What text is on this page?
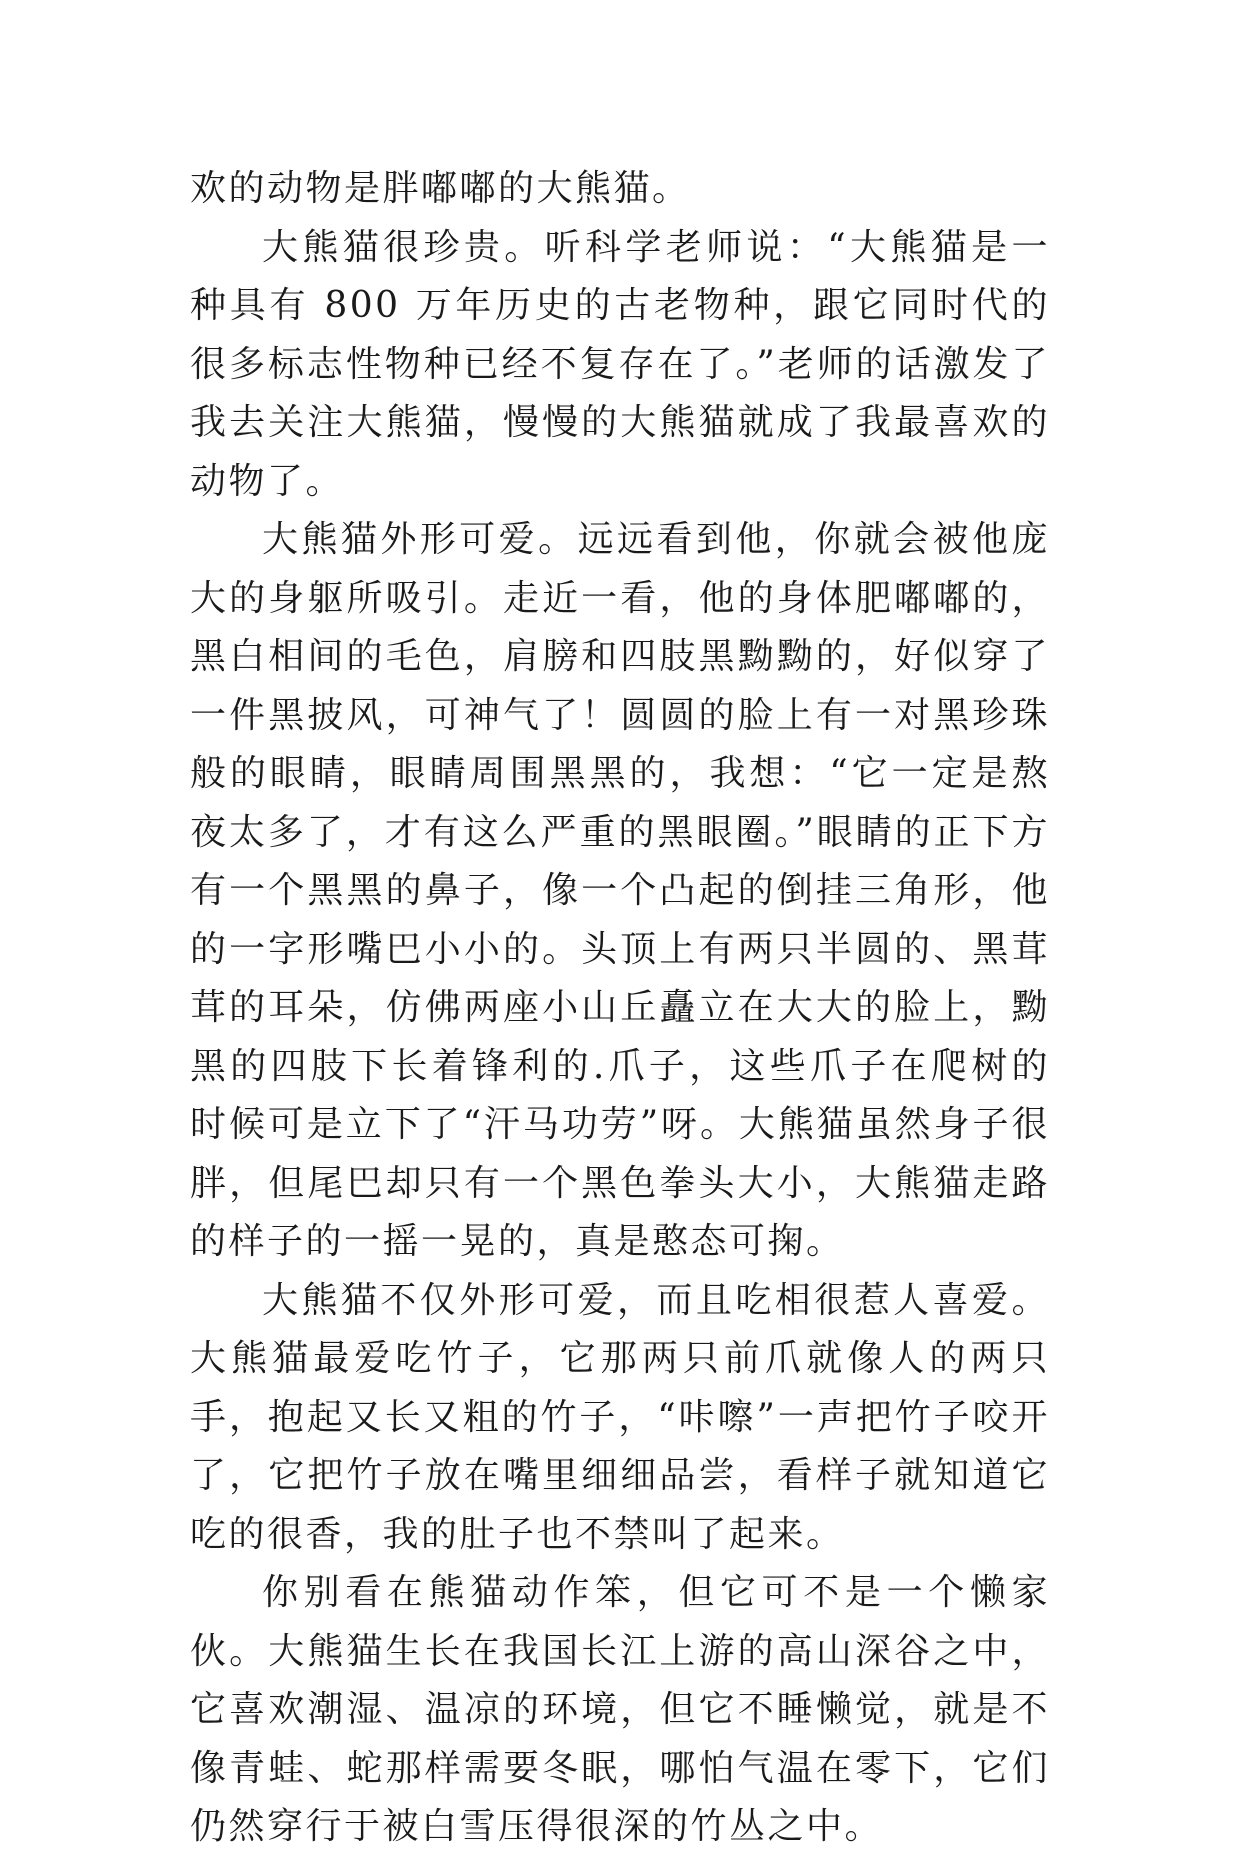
欢的动物是胖嘟嘟的大熊猫。

大熊猫很珍贵。听科学老师说：“大熊猫是一种具有 800 万年历史的古老物种，跟它同时代的很多标志性物种已经不复存在了。”老师的话激发了我去关注大熊猫，慢慢的大熊猫就成了我最喜欢的动物了。

大熊猫外形可爱。远远看到他，你就会被他庞大的身躯所吸引。走近一看，他的身体肥嘟嘟的，黑白相间的毛色，肩膀和四肢黑黝黝的，好似穿了一件黑披风，可神气了！圆圆的脸上有一对黑珍珠般的眼睛，眼睛周围黑黑的，我想：“它一定是熬夜太多了，才有这么严重的黑眼圈。”眼睛的正下方有一个黑黑的鼻子，像一个凸起的倒挂三角形，他的一字形嘴巴小小的。头顶上有两只半圆的、黑茸茸的耳朵，仿佛两座小山丘矗立在大大的脸上，黝黑的四肢下长着锋利的.爪子，这些爪子在爬树的时候可是立下了“汗马功劳”呀。大熊猫虽然身子很胖，但尾巴却只有一个黑色拳头大小，大熊猫走路的样子的一摇一晃的，真是憨态可掬。

大熊猫不仅外形可爱，而且吃相很惹人喜爱。大熊猫最爱吃竹子，它那两只前爪就像人的两只手，抱起又长又粗的竹子，“咔嚓”一声把竹子咬开了，它把竹子放在嘴里细细品尝，看样子就知道它吃的很香，我的肚子也不禁叫了起来。

你别看在熊猫动作笨，但它可不是一个懒家伙。大熊猫生长在我国长江上游的高山深谷之中，它喜欢潮湿、温凉的环境，但它不睡懒觉，就是不像青蛙、蛇那样需要冬眠，哪怕气温在零下，它们仍然穿行于被白雪压得很深的竹丛之中。
